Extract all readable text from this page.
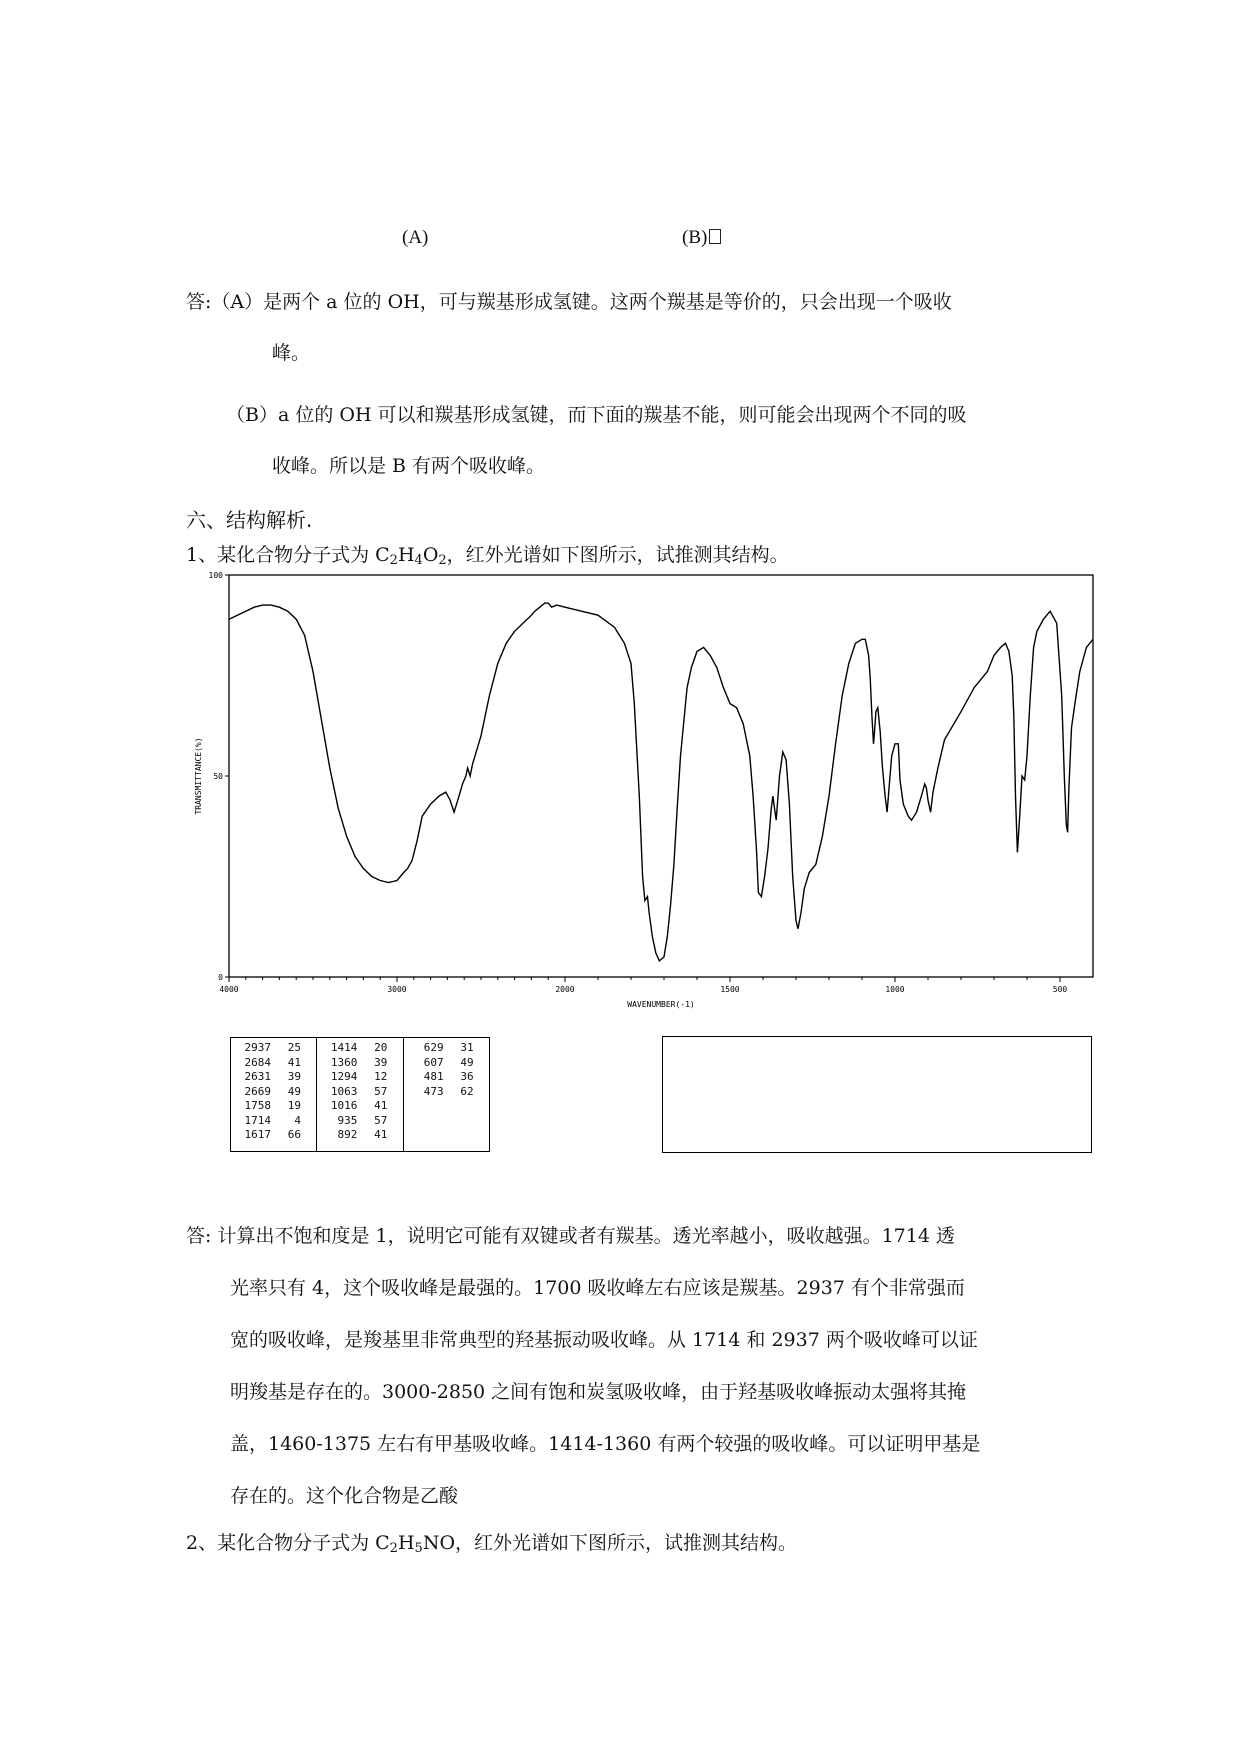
(A)	(B)
答:（A）是两个 a 位的 OH，可与羰基形成氢键。这两个羰基是等价的，只会出现一个吸收
峰。
（B）a 位的 OH 可以和羰基形成氢键，而下面的羰基不能，则可能会出现两个不同的吸
收峰。所以是 B 有两个吸收峰。
六、结构解析.
1、某化合物分子式为 $C_2H_4O_2$，红外光谱如下图所示，试推测其结构。
100
50
0
4000	3000	2000	1500	1000	500
TRANSMITTANCE(%)
WAVENUMBER(-1)
2937	25
2684	41
2631	39
2669	49
1758	19
1714	4
1617	66
1414	20
1360	39
1294	12
1063	57
1016	41
935	57
892	41
629	31
607	49
481	36
473	62
答: 计算出不饱和度是 1，说明它可能有双键或者有羰基。透光率越小，吸收越强。1714 透
光率只有 4，这个吸收峰是最强的。1700 吸收峰左右应该是羰基。2937 有个非常强而
宽的吸收峰，是羧基里非常典型的羟基振动吸收峰。从 1714 和 2937 两个吸收峰可以证
明羧基是存在的。3000-2850 之间有饱和炭氢吸收峰，由于羟基吸收峰振动太强将其掩
盖，1460-1375 左右有甲基吸收峰。1414-1360 有两个较强的吸收峰。可以证明甲基是
存在的。这个化合物是乙酸
2、某化合物分子式为 $C_2H_5NO$，红外光谱如下图所示，试推测其结构。
